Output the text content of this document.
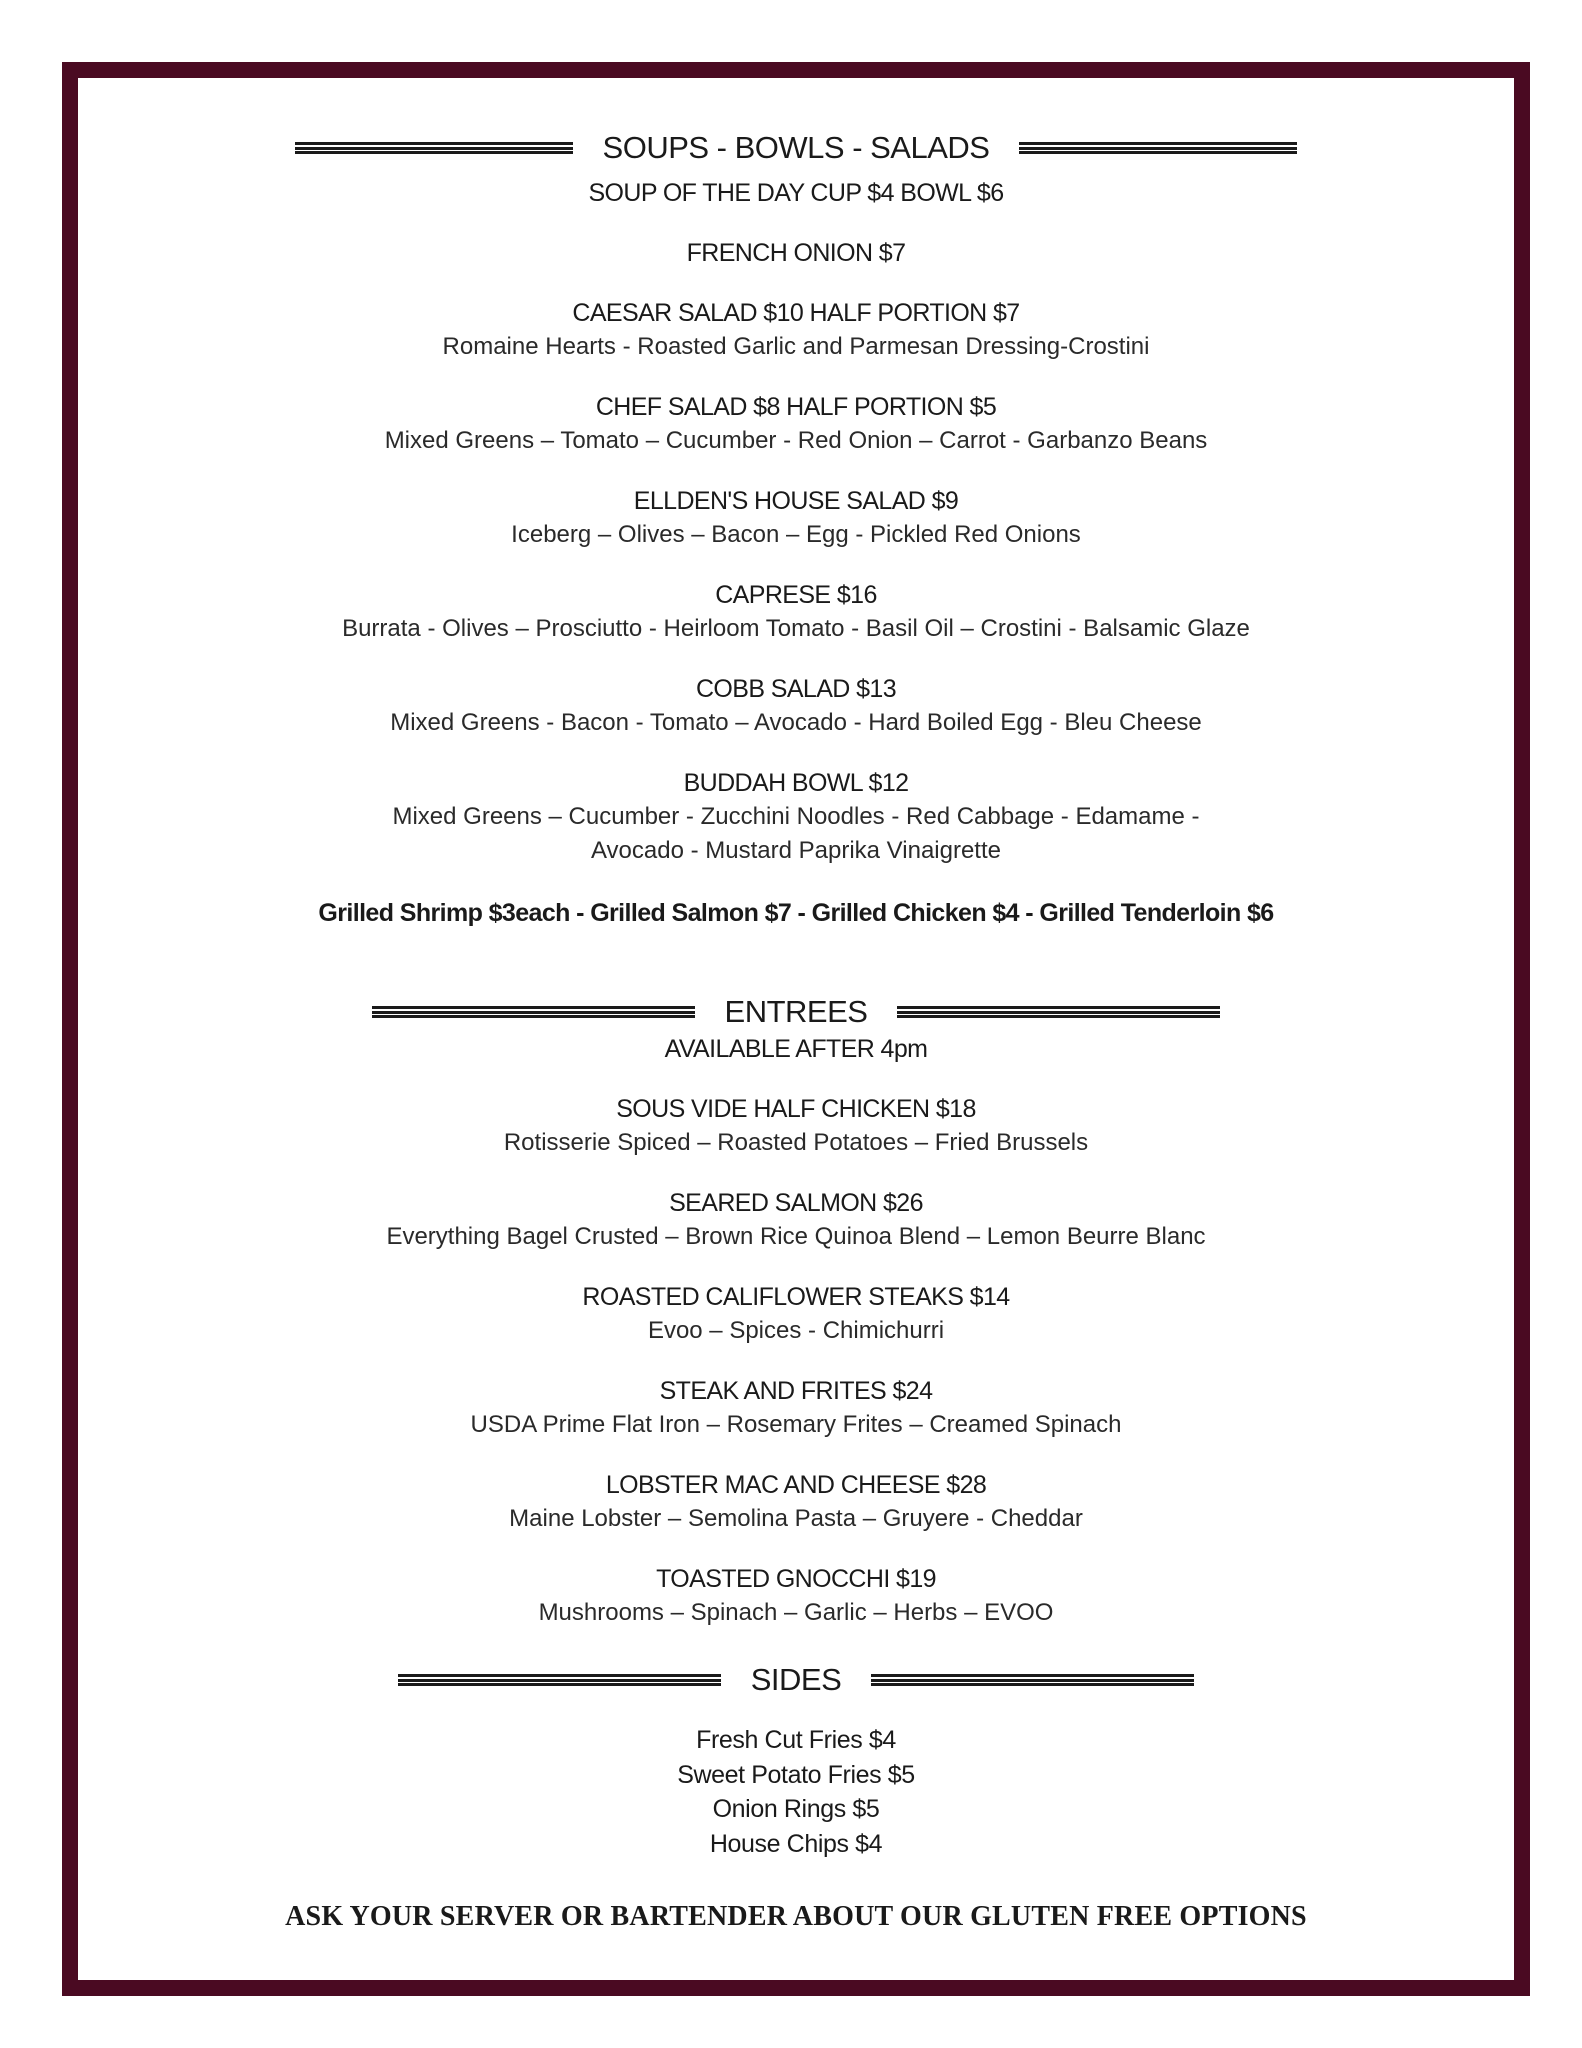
SOUPS - BOWLS - SALADS
SOUP OF THE DAY CUP $4 BOWL $6
FRENCH ONION $7
CAESAR SALAD $10 HALF PORTION $7
Romaine Hearts - Roasted Garlic and Parmesan Dressing-Crostini
CHEF SALAD $8 HALF PORTION $5
Mixed Greens – Tomato – Cucumber - Red Onion – Carrot - Garbanzo Beans
ELLDEN'S HOUSE SALAD $9
Iceberg – Olives – Bacon – Egg - Pickled Red Onions
CAPRESE $16
Burrata - Olives – Prosciutto - Heirloom Tomato - Basil Oil – Crostini - Balsamic Glaze
COBB SALAD $13
Mixed Greens - Bacon - Tomato – Avocado - Hard Boiled Egg - Bleu Cheese
BUDDAH BOWL $12
Mixed Greens – Cucumber - Zucchini Noodles - Red Cabbage - Edamame -
Avocado - Mustard Paprika Vinaigrette
Grilled Shrimp $3each - Grilled Salmon $7 - Grilled Chicken $4 - Grilled Tenderloin $6
ENTREES
AVAILABLE AFTER 4pm
SOUS VIDE HALF CHICKEN $18
Rotisserie Spiced – Roasted Potatoes – Fried Brussels
SEARED SALMON $26
Everything Bagel Crusted – Brown Rice Quinoa Blend – Lemon Beurre Blanc
ROASTED CALIFLOWER STEAKS $14
Evoo – Spices - Chimichurri
STEAK AND FRITES $24
USDA Prime Flat Iron – Rosemary Frites – Creamed Spinach
LOBSTER MAC AND CHEESE $28
Maine Lobster – Semolina Pasta – Gruyere - Cheddar
TOASTED GNOCCHI $19
Mushrooms – Spinach – Garlic – Herbs – EVOO
SIDES
Fresh Cut Fries $4
Sweet Potato Fries $5
Onion Rings $5
House Chips $4
ASK YOUR SERVER OR BARTENDER ABOUT OUR GLUTEN FREE OPTIONS
